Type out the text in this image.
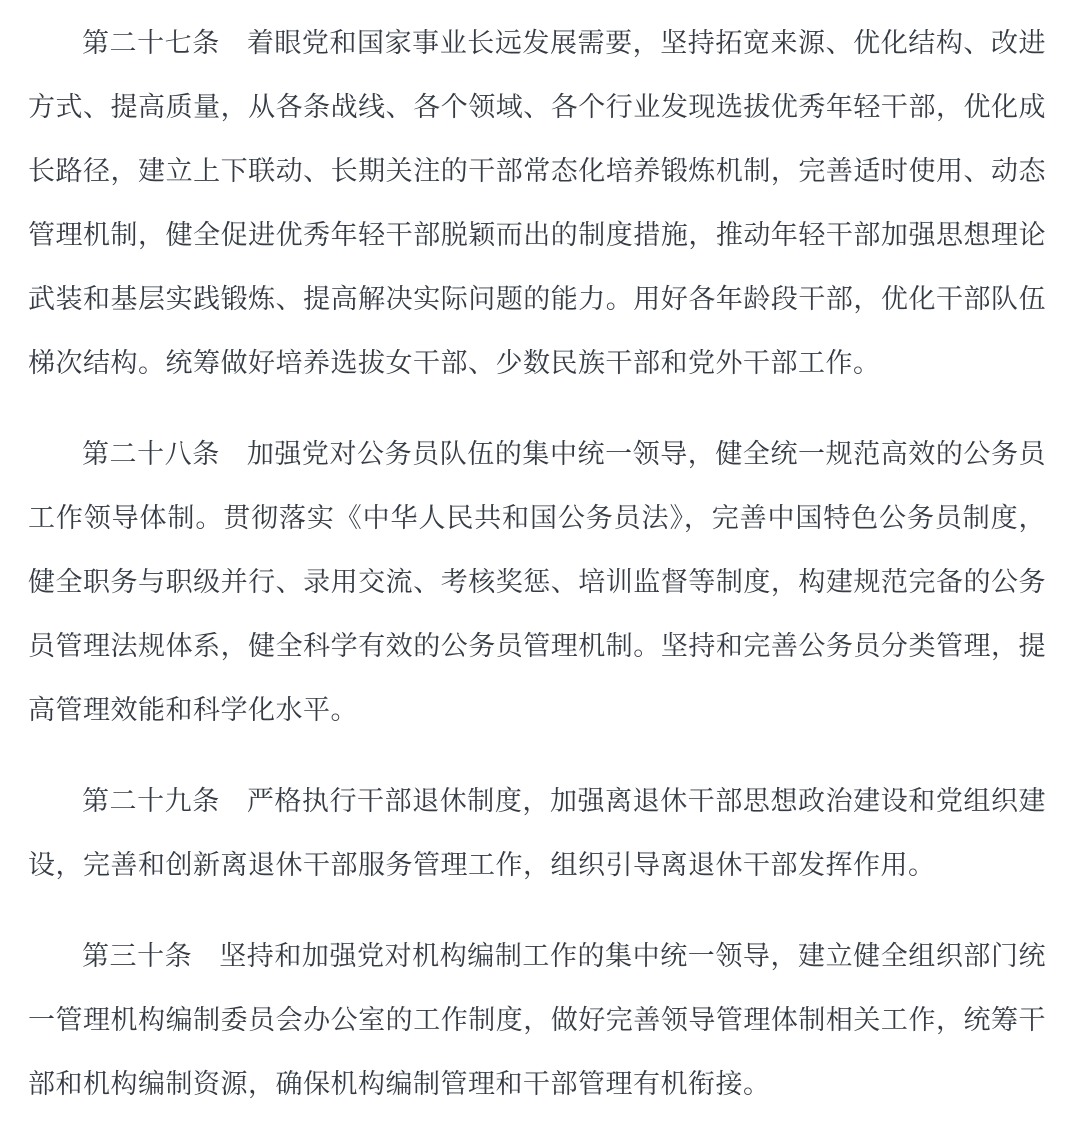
第二十七条 着眼党和国家事业长远发展需要，坚持拓宽来源、优化结构、改进方式、提高质量，从各条战线、各个领域、各个行业发现选拔优秀年轻干部，优化成长路径，建立上下联动、长期关注的干部常态化培养锻炼机制，完善适时使用、动态管理机制，健全促进优秀年轻干部脱颖而出的制度措施，推动年轻干部加强思想理论武装和基层实践锻炼、提高解决实际问题的能力。用好各年龄段干部，优化干部队伍梯次结构。统筹做好培养选拔女干部、少数民族干部和党外干部工作。

第二十八条 加强党对公务员队伍的集中统一领导，健全统一规范高效的公务员工作领导体制。贯彻落实《中华人民共和国公务员法》，完善中国特色公务员制度，健全职务与职级并行、录用交流、考核奖惩、培训监督等制度，构建规范完备的公务员管理法规体系，健全科学有效的公务员管理机制。坚持和完善公务员分类管理，提高管理效能和科学化水平。

第二十九条 严格执行干部退休制度，加强离退休干部思想政治建设和党组织建设，完善和创新离退休干部服务管理工作，组织引导离退休干部发挥作用。

第三十条 坚持和加强党对机构编制工作的集中统一领导，建立健全组织部门统一管理机构编制委员会办公室的工作制度，做好完善领导管理体制相关工作，统筹干部和机构编制资源，确保机构编制管理和干部管理有机衔接。
